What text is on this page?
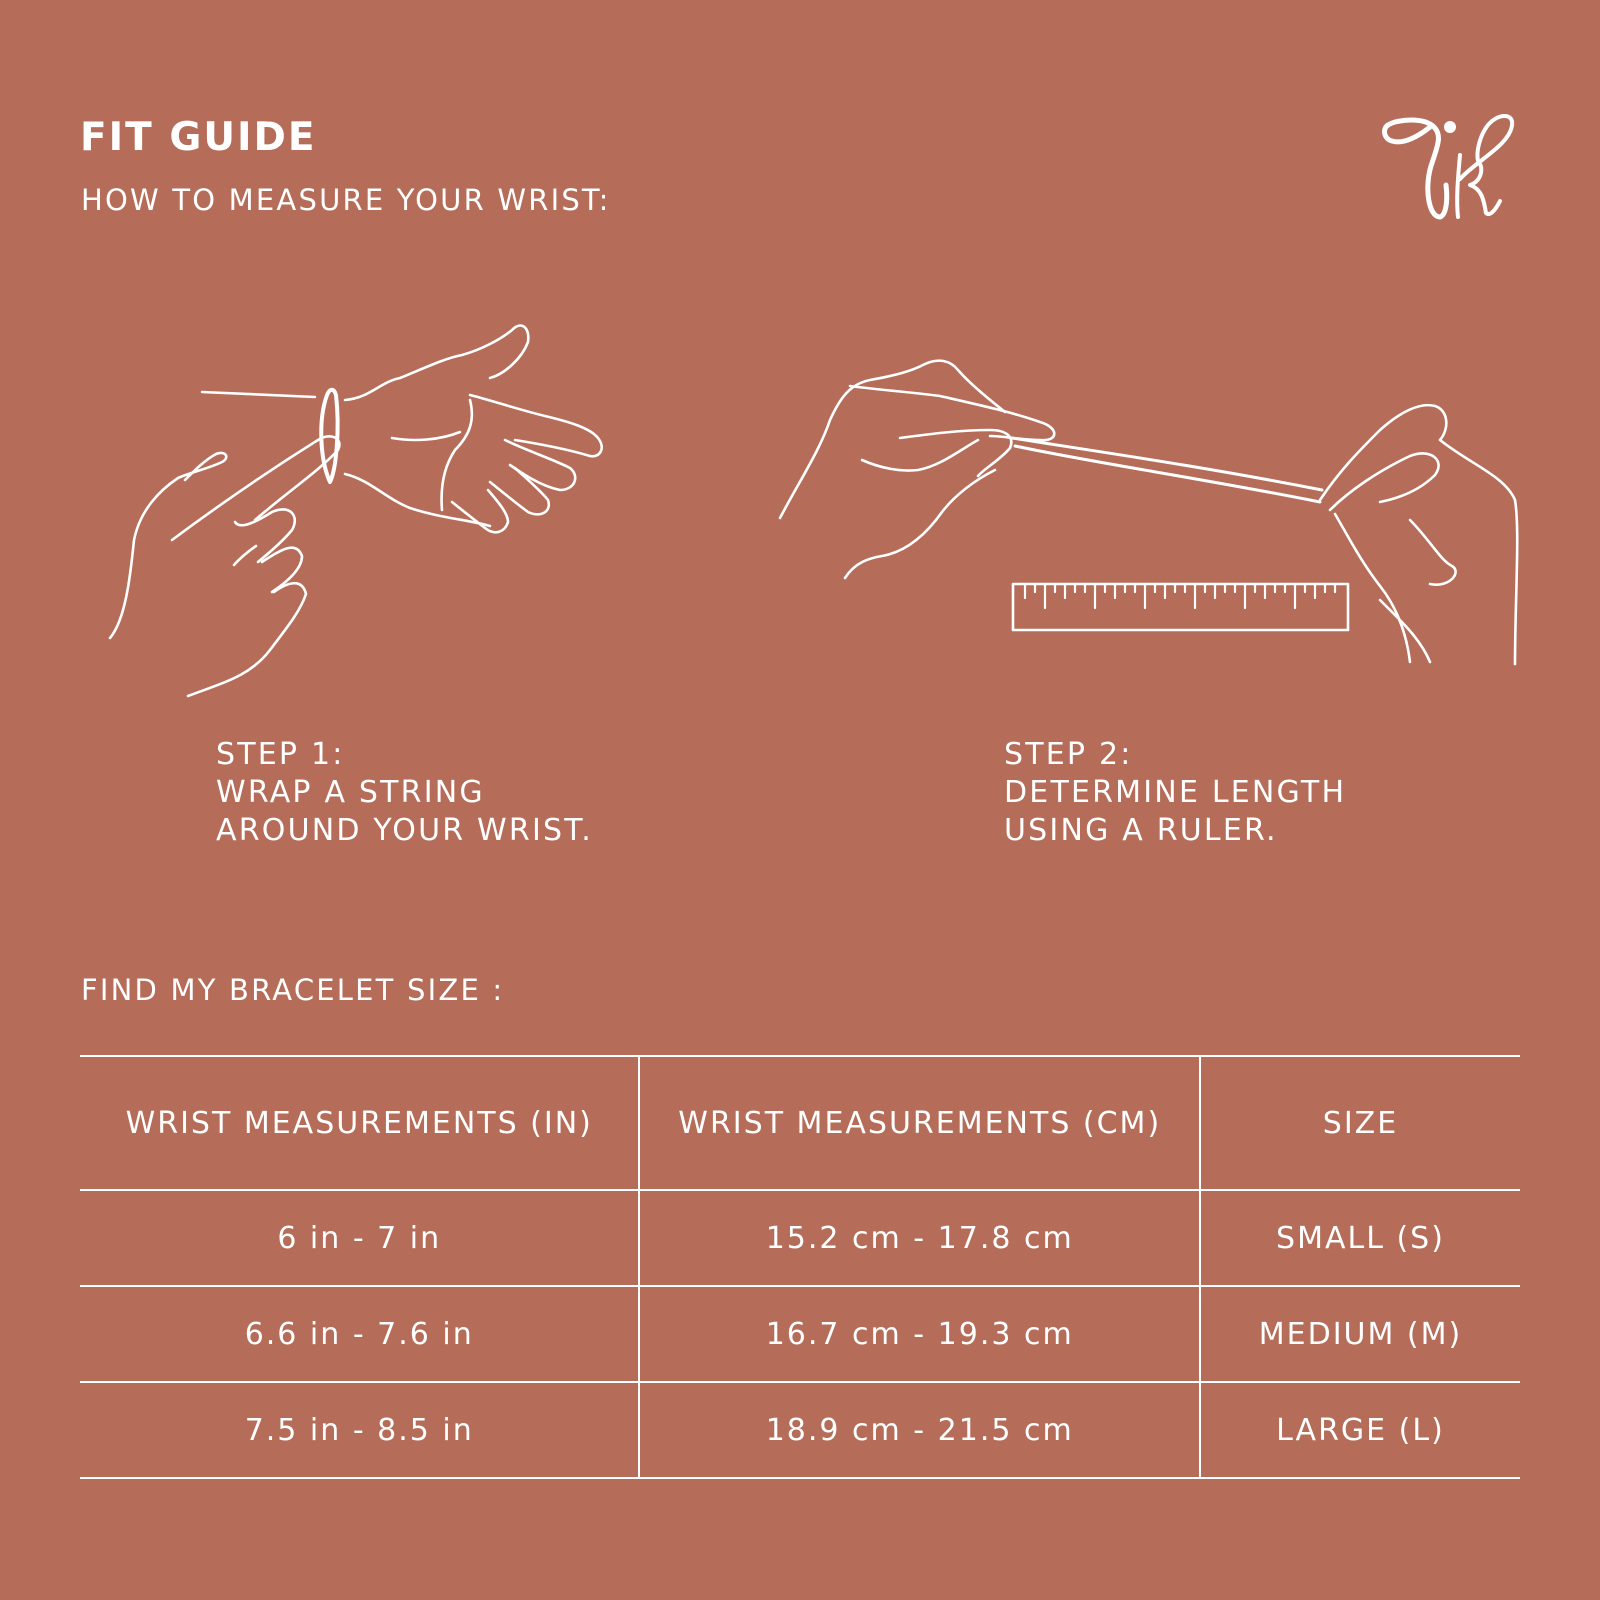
FIT GUIDE
HOW TO MEASURE YOUR WRIST:
STEP 1:
WRAP A STRING
AROUND YOUR WRIST.
STEP 2:
DETERMINE LENGTH
USING A RULER.
FIND MY BRACELET SIZE :
WRIST MEASUREMENTS (IN)	WRIST MEASUREMENTS (CM)	SIZE
6 in - 7 in	15.2 cm - 17.8 cm	SMALL (S)
6.6 in - 7.6 in	16.7 cm - 19.3 cm	MEDIUM (M)
7.5 in - 8.5 in	18.9 cm - 21.5 cm	LARGE (L)
